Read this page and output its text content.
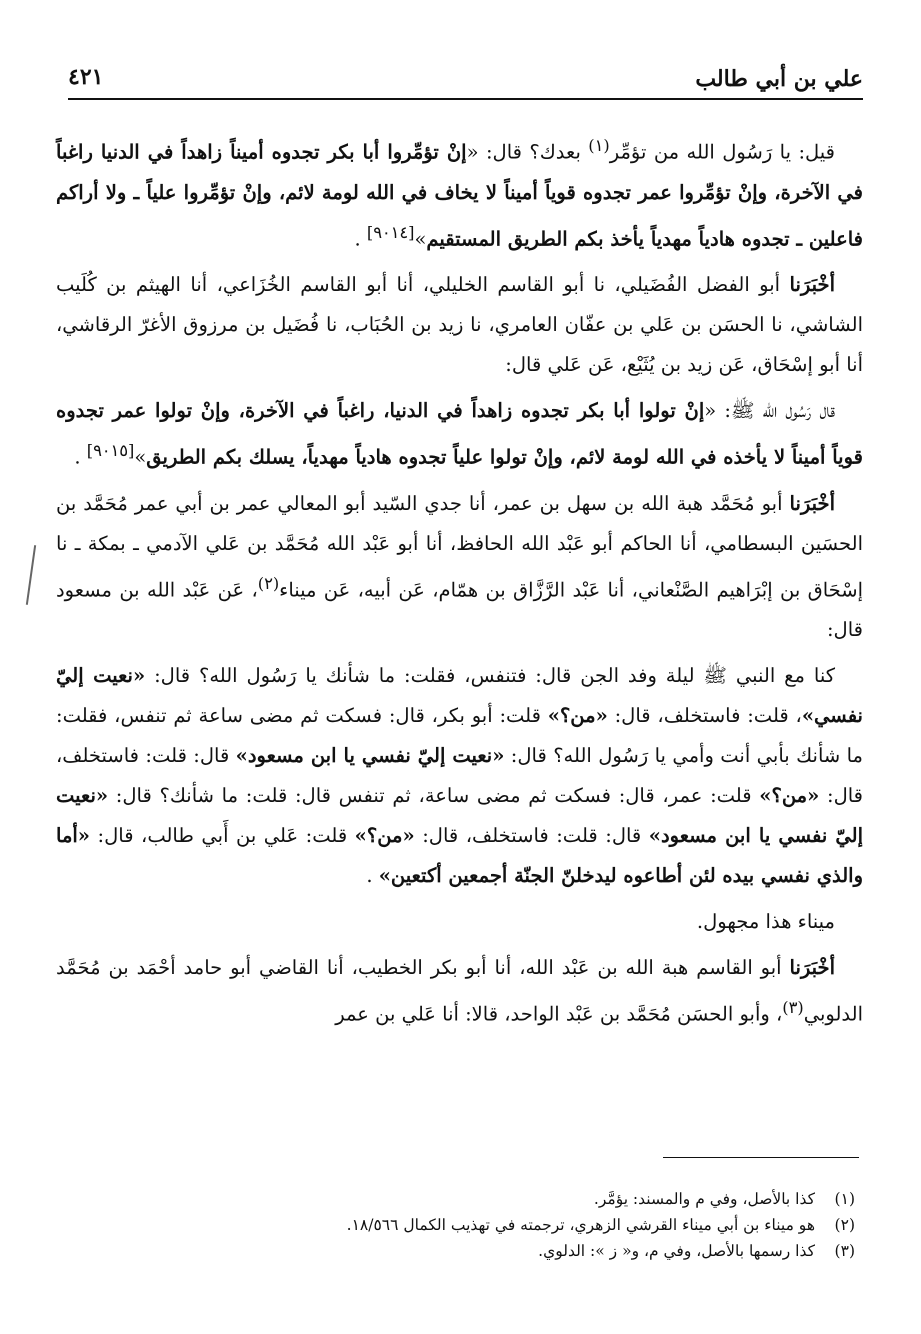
علي بن أبي طالب
٤٢١

قيل: يا رَسُول الله من تؤمِّر$^{(١)}$ بعدك؟ قال: «إنْ تؤمِّروا أبا بكر تجدوه أميناً زاهداً في الدنيا راغباً في الآخرة، وإنْ تؤمِّروا عمر تجدوه قوياً أميناً لا يخاف في الله لومة لائم، وإنْ تؤمِّروا علياً ـ ولا أراكم فاعلين ـ تجدوه هادياً مهدياً يأخذ بكم الطريق المستقيم»[٩٠١٤] .

أخْبَرَنا أبو الفضل الفُضَيلي، نا أبو القاسم الخليلي، أنا أبو القاسم الخُزَاعي، أنا الهيثم بن كُلَيب الشاشي، نا الحسَن بن عَلي بن عفّان العامري، نا زيد بن الحُبَاب، نا فُضَيل بن مرزوق الأغرّ الرقاشي، أنا أبو إسْحَاق، عَن زيد بن يُثَيْع، عَن عَلي قال:

قال رَسُول الله ﷺ: «إنْ تولوا أبا بكر تجدوه زاهداً في الدنيا، راغباً في الآخرة، وإنْ تولوا عمر تجدوه قوياً أميناً لا يأخذه في الله لومة لائم، وإنْ تولوا علياً تجدوه هادياً مهدياً، يسلك بكم الطريق»[٩٠١٥] .

أخْبَرَنا أبو مُحَمَّد هبة الله بن سهل بن عمر، أنا جدي السّيد أبو المعالي عمر بن أبي عمر مُحَمَّد بن الحسَين البسطامي، أنا الحاكم أبو عَبْد الله الحافظ، أنا أبو عَبْد الله مُحَمَّد بن عَلي الآدمي ـ بمكة ـ نا إسْحَاق بن إبْرَاهيم الصَّنْعاني، أنا عَبْد الرَّزَّاق بن همّام، عَن أبيه، عَن ميناء$^{(٢)}$، عَن عَبْد الله بن مسعود قال:

كنا مع النبي ﷺ ليلة وفد الجن قال: فتنفس، فقلت: ما شأنك يا رَسُول الله؟ قال: «نعيت إليّ نفسي»، قلت: فاستخلف، قال: «من؟» قلت: أبو بكر، قال: فسكت ثم مضى ساعة ثم تنفس، فقلت: ما شأنك بأبي أنت وأمي يا رَسُول الله؟ قال: «نعيت إليّ نفسي يا ابن مسعود» قال: قلت: فاستخلف، قال: «من؟» قلت: عمر، قال: فسكت ثم مضى ساعة، ثم تنفس قال: قلت: ما شأنك؟ قال: «نعيت إليّ نفسي يا ابن مسعود» قال: قلت: فاستخلف، قال: «من؟» قلت: عَلي بن أَبي طالب، قال: «أما والذي نفسي بيده لئن أطاعوه ليدخلنّ الجنّة أجمعين أكتعين» .

ميناء هذا مجهول.

أخْبَرَنا أبو القاسم هبة الله بن عَبْد الله، أنا أبو بكر الخطيب، أنا القاضي أبو حامد أحْمَد بن مُحَمَّد الدلوبي$^{(٣)}$، وأبو الحسَن مُحَمَّد بن عَبْد الواحد، قالا: أنا عَلي بن عمر

(١)
كذا بالأصل، وفي م والمسند: يؤمَّر.
(٢)
هو ميناء بن أبي ميناء القرشي الزهري، ترجمته في تهذيب الكمال ١٨/٥٦٦.
(٣)
كذا رسمها بالأصل، وفي م، و« ز »: الدلوي.
